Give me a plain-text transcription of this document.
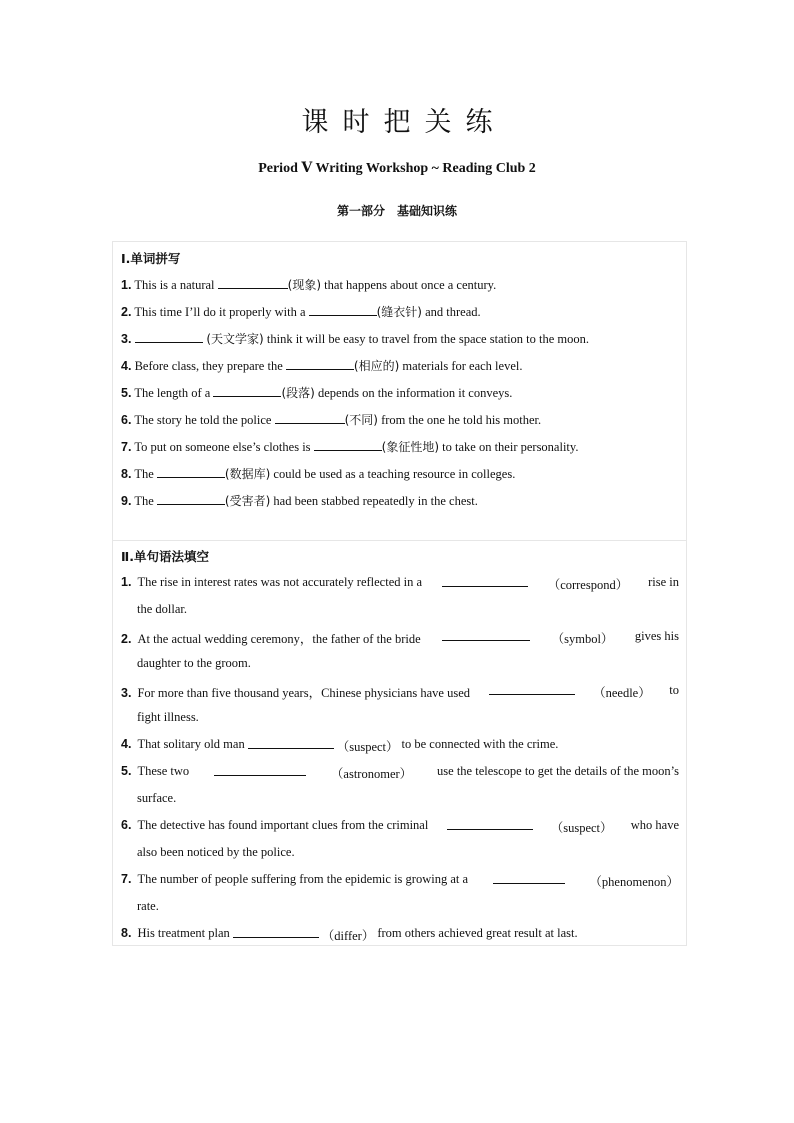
课时把关练
Period Ⅴ Writing Workshop ~ Reading Club 2
第一部分　基础知识练
Ⅰ.单词拼写
1. This is a natural	(现象) that happens about once a century.
2. This time I’ll do it properly with a	(缝衣针) and thread.
3.	(天文学家) think it will be easy to travel from the space station to the moon.
4. Before class, they prepare the	(相应的) materials for each level.
5. The length of a	(段落) depends on the information it conveys.
6. The story he told the police	(不同) from the one he told his mother.
7. To put on someone else’s clothes is	(象征性地) to take on their personality.
8. The	(数据库) could be used as a teaching resource in colleges.
9. The	(受害者) had been stabbed repeatedly in the chest.
Ⅱ.单句语法填空
1. The rise in interest rates was not accurately reflected in a	（correspond） rise in
the dollar.
2. At the actual wedding ceremony，the father of the bride	（symbol） gives his
daughter to the groom.
3. For more than five thousand years，Chinese physicians have used	（needle） to
fight illness.
4. That solitary old man	（suspect） to be connected with the crime.
5. These two	（astronomer） use the telescope to get the details of the moon’s
surface.
6. The detective has found important clues from the criminal	（suspect） who have
also been noticed by the police.
7. The number of people suffering from the epidemic is growing at a	（phenomenon）
rate.
8. His treatment plan	（differ） from others achieved great result at last.
